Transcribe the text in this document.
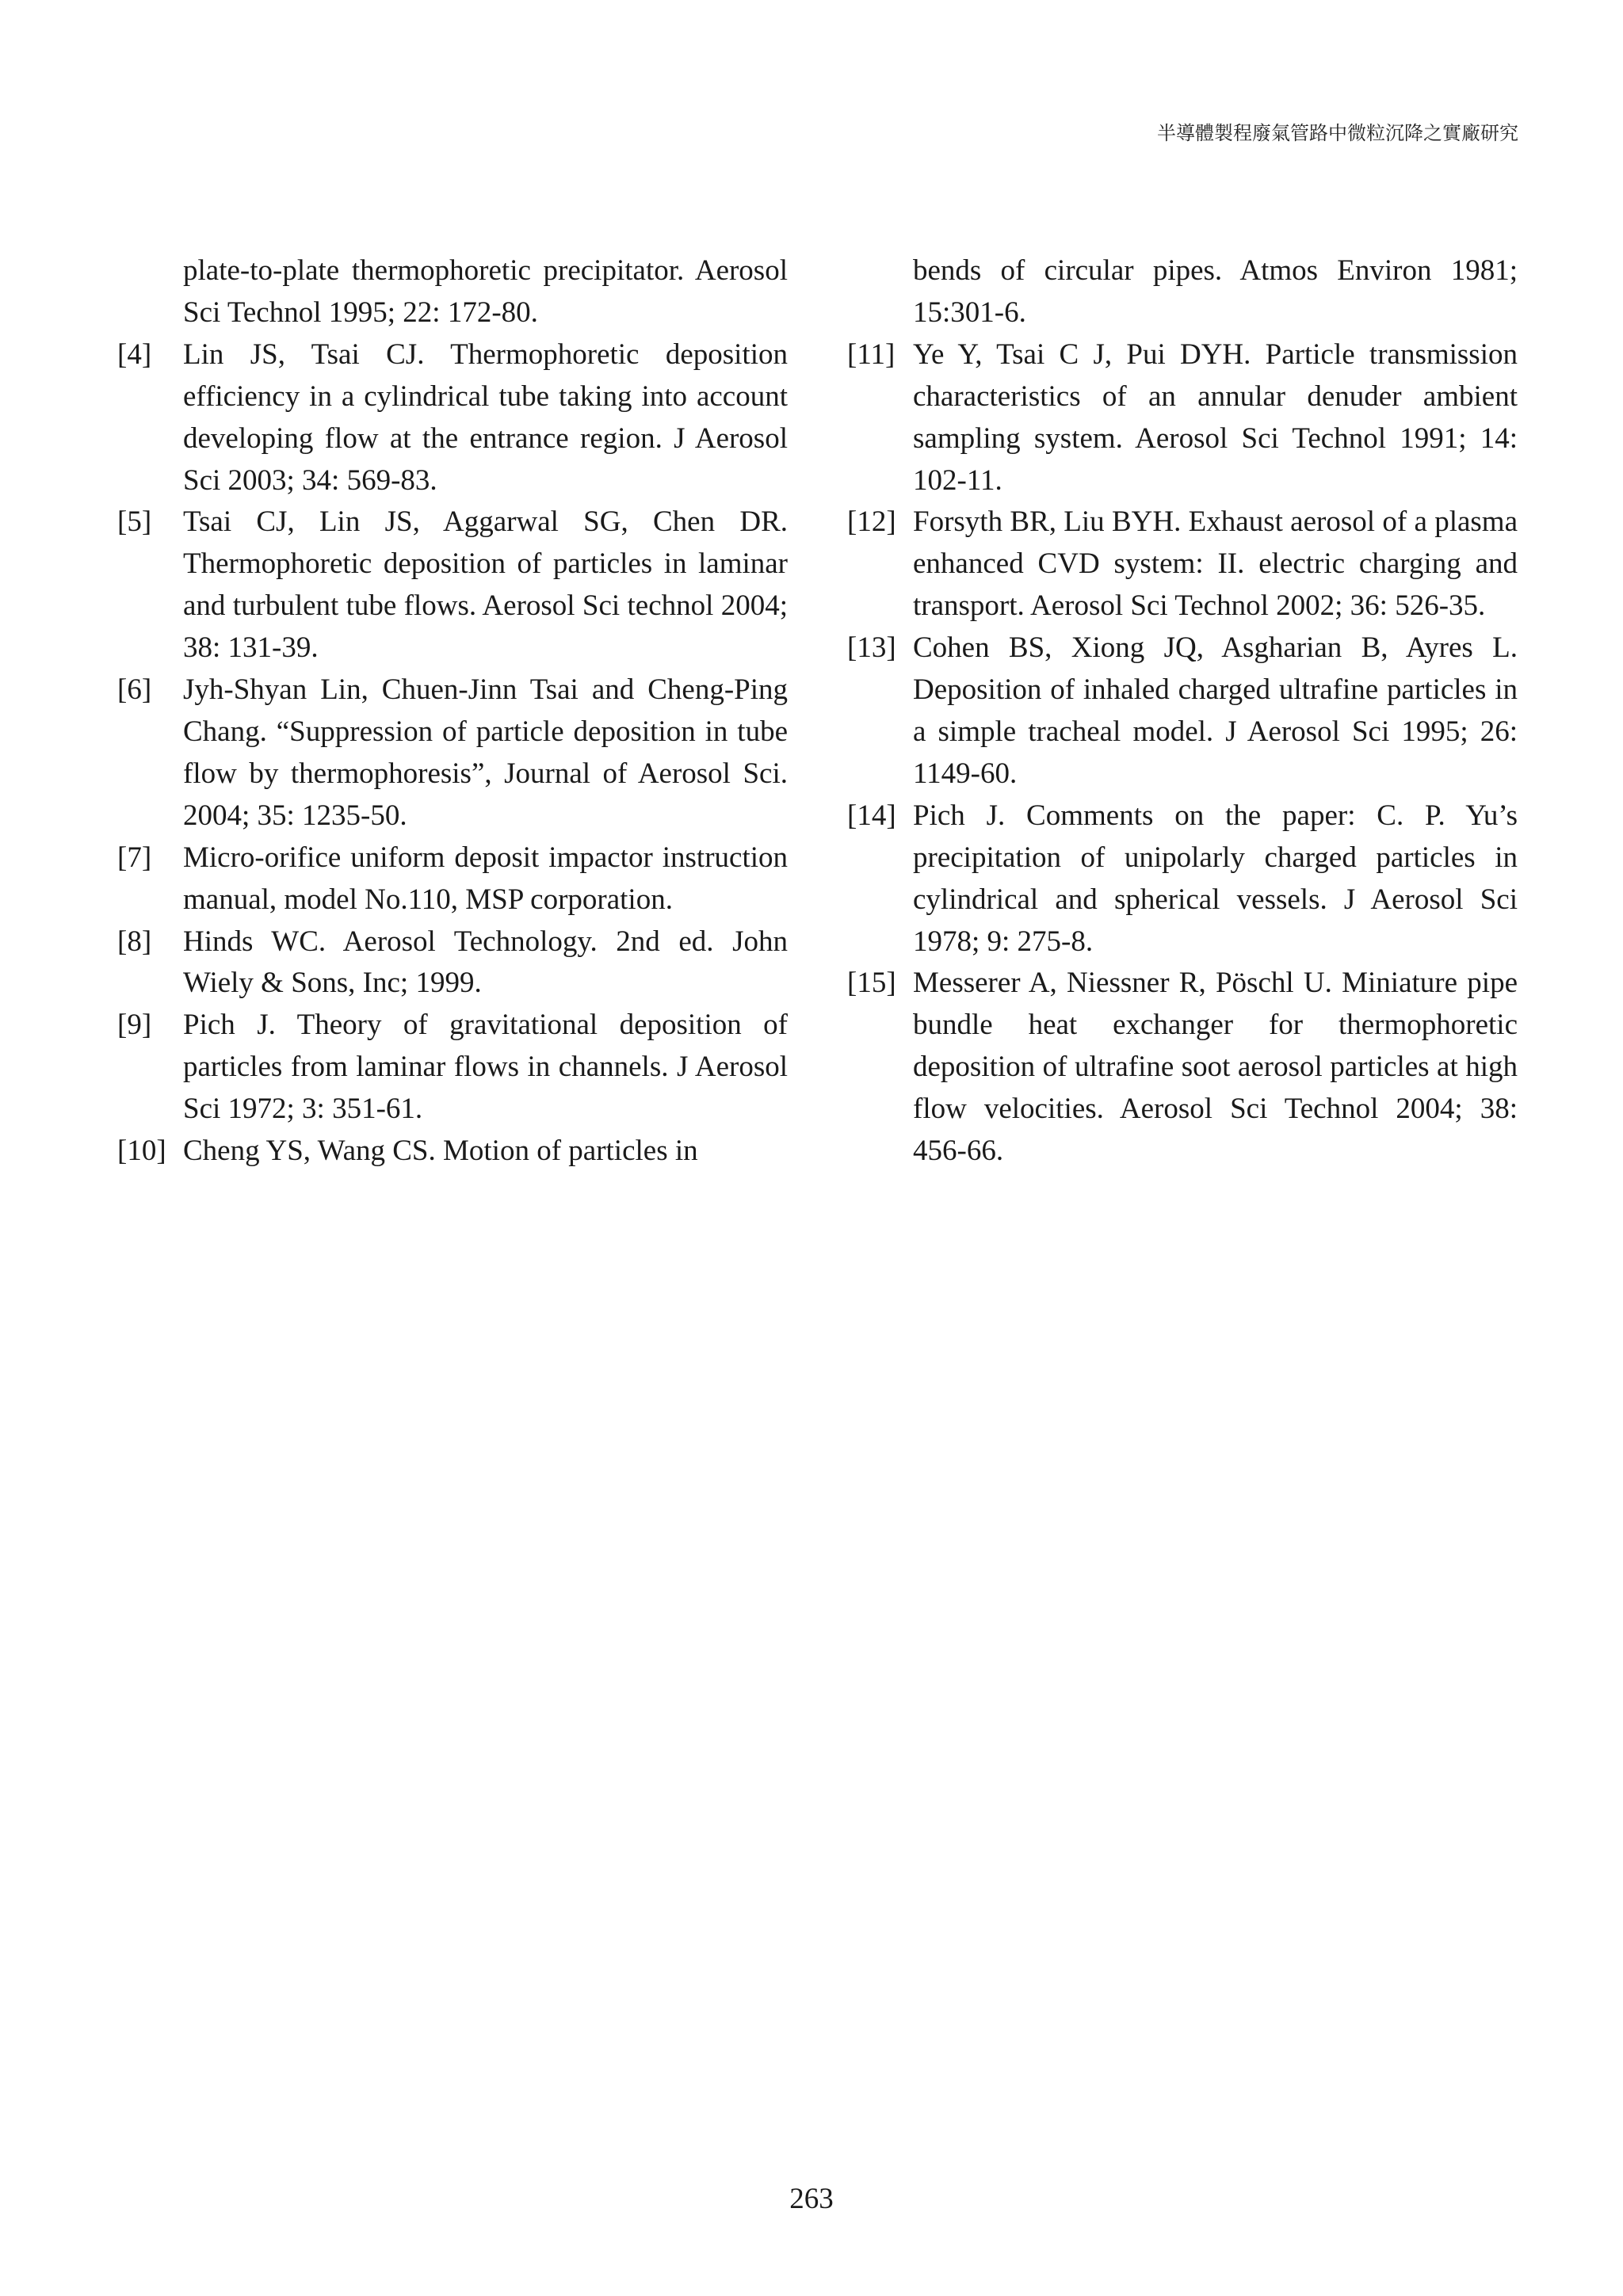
半導體製程廢氣管路中微粒沉降之實廠研究
plate-to-plate thermophoretic precipitator. Aerosol Sci Technol 1995; 22: 172-80.
[4] Lin JS, Tsai CJ. Thermophoretic deposition efficiency in a cylindrical tube taking into account developing flow at the entrance region. J Aerosol Sci 2003; 34: 569-83.
[5] Tsai CJ, Lin JS, Aggarwal SG, Chen DR. Thermophoretic deposition of particles in laminar and turbulent tube flows. Aerosol Sci technol 2004; 38: 131-39.
[6] Jyh-Shyan Lin, Chuen-Jinn Tsai and Cheng-Ping Chang. “Suppression of particle deposition in tube flow by thermophoresis”, Journal of Aerosol Sci. 2004; 35: 1235-50.
[7] Micro-orifice uniform deposit impactor instruction manual, model No.110, MSP corporation.
[8] Hinds WC. Aerosol Technology. 2nd ed. John Wiely & Sons, Inc; 1999.
[9] Pich J. Theory of gravitational deposition of particles from laminar flows in channels. J Aerosol Sci 1972; 3: 351-61.
[10] Cheng YS, Wang CS. Motion of particles in
bends of circular pipes. Atmos Environ 1981; 15:301-6.
[11] Ye Y, Tsai C J, Pui DYH. Particle transmission characteristics of an annular denuder ambient sampling system. Aerosol Sci Technol 1991; 14: 102-11.
[12] Forsyth BR, Liu BYH. Exhaust aerosol of a plasma enhanced CVD system: II. electric charging and transport. Aerosol Sci Technol 2002; 36: 526-35.
[13] Cohen BS, Xiong JQ, Asgharian B, Ayres L. Deposition of inhaled charged ultrafine particles in a simple tracheal model. J Aerosol Sci 1995; 26: 1149-60.
[14] Pich J. Comments on the paper: C. P. Yu’s precipitation of unipolarly charged particles in cylindrical and spherical vessels. J Aerosol Sci 1978; 9: 275-8.
[15] Messerer A, Niessner R, Pöschl U. Miniature pipe bundle heat exchanger for thermophoretic deposition of ultrafine soot aerosol particles at high flow velocities. Aerosol Sci Technol 2004; 38: 456-66.
263
